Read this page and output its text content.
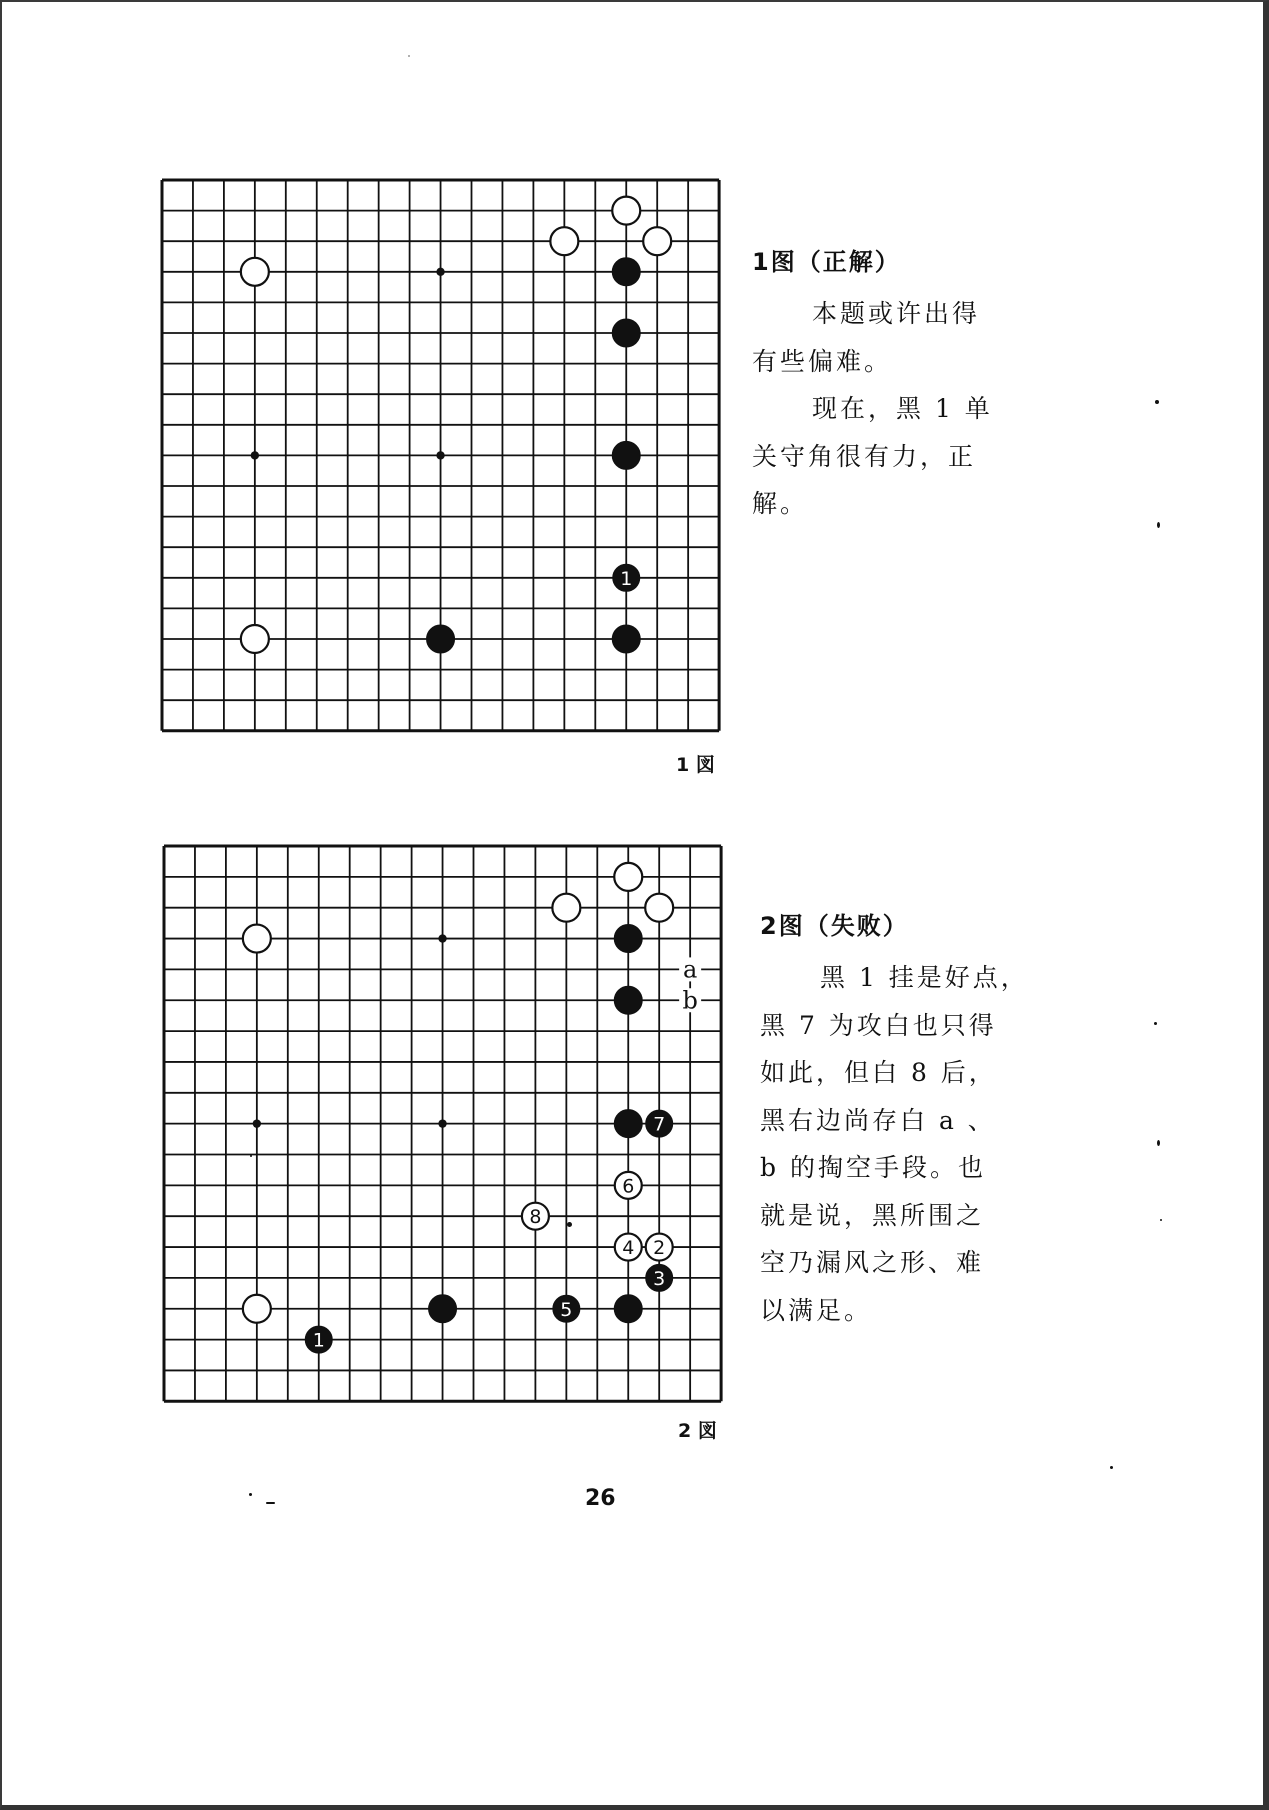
1
1 図
1图（正解）
本题或许出得
有些偏难。
现在，黑 1 单
关守角很有力，正
解。
a
b
1
2
3
4
5
6
7
8
2 図
2图（失败）
黑 1 挂是好点，
黑 7 为攻白也只得
如此，但白 8 后，
黑右边尚存白 a 、
b 的掏空手段。也
就是说，黑所围之
空乃漏风之形、难
以满足。
26
